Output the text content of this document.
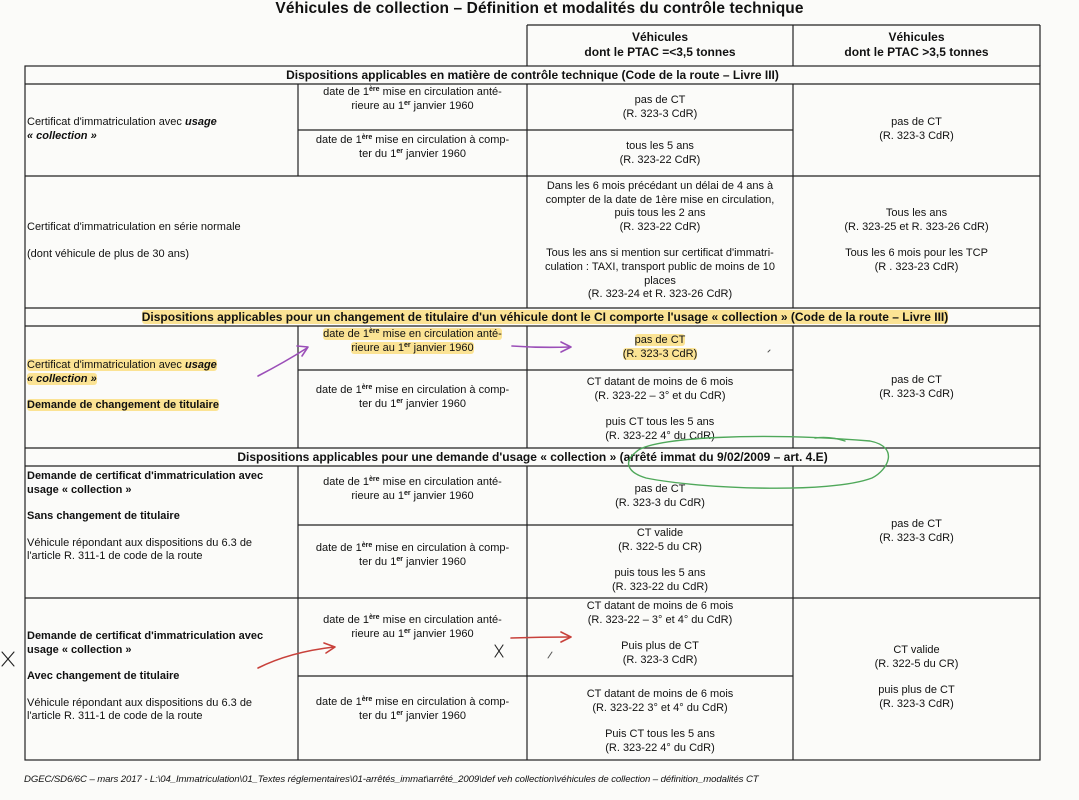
Véhicules de collection – Définition et modalités du contrôle technique
Véhicules
dont le PTAC =<3,5 tonnes
Véhicules
dont le PTAC >3,5 tonnes
Dispositions applicables en matière de contrôle technique (Code de la route – Livre III)
Certificat d'immatriculation avec usage
« collection »
date de 1ère mise en circulation anté-
rieure au 1er janvier 1960
date de 1ère mise en circulation à comp-
ter du 1er janvier 1960
pas de CT
(R. 323-3 CdR)
tous les 5 ans
(R. 323-22 CdR)
pas de CT
(R. 323-3 CdR)
Certificat d'immatriculation en série normale
(dont véhicule de plus de 30 ans)
Dans les 6 mois précédant un délai de 4 ans à
compter de la date de 1ère mise en circulation,
puis tous les 2 ans
(R. 323-22 CdR)
Tous les ans si mention sur certificat d'immatri-
culation : TAXI, transport public de moins de 10
places
(R. 323-24 et R. 323-26 CdR)
Tous les ans
(R. 323-25 et R. 323-26 CdR)
Tous les 6 mois pour les TCP
(R . 323-23 CdR)
Dispositions applicables pour un changement de titulaire d'un véhicule dont le CI comporte l'usage « collection » (Code de la route – Livre III)
Certificat d'immatriculation avec usage
« collection »
Demande de changement de titulaire
date de 1ère mise en circulation anté-
rieure au 1er janvier 1960
date de 1ère mise en circulation à comp-
ter du 1er janvier 1960
pas de CT
(R. 323-3 CdR)
CT datant de moins de 6 mois
(R. 323-22 – 3° et du CdR)
puis CT tous les 5 ans
(R. 323-22 4° du CdR)
pas de CT
(R. 323-3 CdR)
Dispositions applicables pour une demande d'usage « collection » (arrêté immat du 9/02/2009 – art. 4.E)
Demande de certificat d'immatriculation avec
usage « collection »
Sans changement de titulaire
Véhicule répondant aux dispositions du 6.3 de
l'article R. 311-1 de code de la route
date de 1ère mise en circulation anté-
rieure au 1er janvier 1960
date de 1ère mise en circulation à comp-
ter du 1er janvier 1960
pas de CT
(R. 323-3 du CdR)
CT valide
(R. 322-5 du CR)
puis tous les 5 ans
(R. 323-22 du CdR)
pas de CT
(R. 323-3 CdR)
Demande de certificat d'immatriculation avec
usage « collection »
Avec changement de titulaire
Véhicule répondant aux dispositions du 6.3 de
l'article R. 311-1 de code de la route
date de 1ère mise en circulation anté-
rieure au 1er janvier 1960
date de 1ère mise en circulation à comp-
ter du 1er janvier 1960
CT datant de moins de 6 mois
(R. 323-22 – 3° et 4° du CdR)
Puis plus de CT
(R. 323-3 CdR)
CT datant de moins de 6 mois
(R. 323-22 3° et 4° du CdR)
Puis CT tous les 5 ans
(R. 323-22 4° du CdR)
CT valide
(R. 322-5 du CR)
puis plus de CT
(R. 323-3 CdR)
DGEC/SD6/6C – mars 2017 - L:\04_Immatriculation\01_Textes réglementaires\01-arrêtés_immat\arrêté_2009\def veh collection\véhicules de collection – définition_modalités CT
